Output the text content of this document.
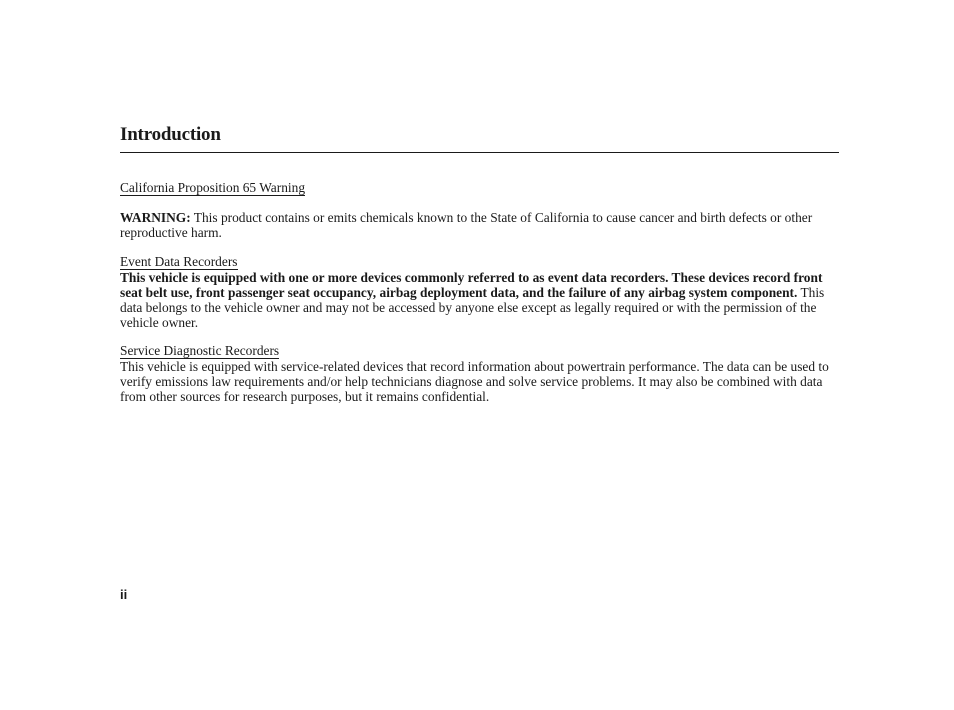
Introduction
California Proposition 65 Warning

WARNING: This product contains or emits chemicals known to the State of California to cause cancer and birth defects or other reproductive harm.

Event Data Recorders

This vehicle is equipped with one or more devices commonly referred to as event data recorders. These devices record front seat belt use, front passenger seat occupancy, airbag deployment data, and the failure of any airbag system component. This data belongs to the vehicle owner and may not be accessed by anyone else except as legally required or with the permission of the vehicle owner.

Service Diagnostic Recorders

This vehicle is equipped with service-related devices that record information about powertrain performance. The data can be used to verify emissions law requirements and/or help technicians diagnose and solve service problems. It may also be combined with data from other sources for research purposes, but it remains confidential.

ii
